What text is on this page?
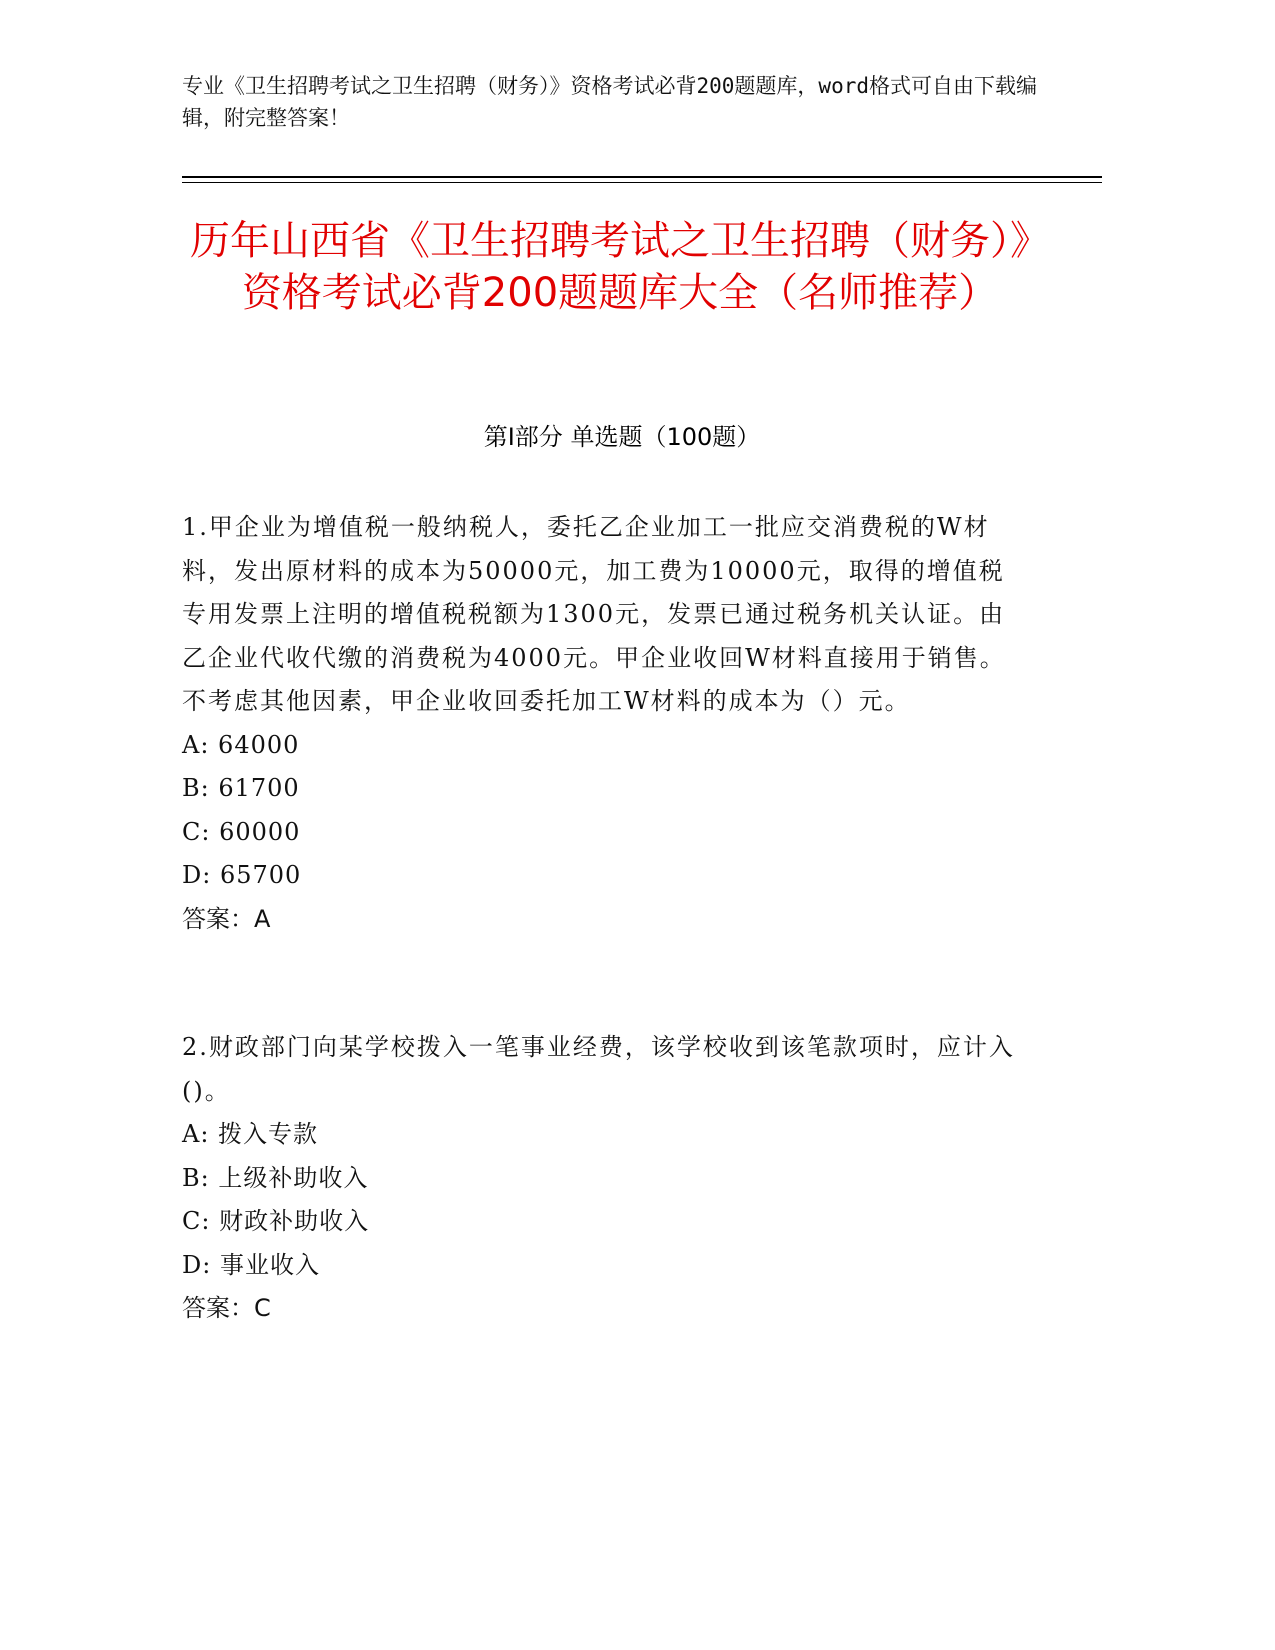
专业《卫生招聘考试之卫生招聘（财务）》资格考试必背200题题库，word格式可自由下载编辑，附完整答案！
历年山西省《卫生招聘考试之卫生招聘（财务）》资格考试必背200题题库大全（名师推荐）
第I部分 单选题（100题）
1.甲企业为增值税一般纳税人，委托乙企业加工一批应交消费税的W材料，发出原材料的成本为50000元，加工费为10000元，取得的增值税专用发票上注明的增值税税额为1300元，发票已通过税务机关认证。由乙企业代收代缴的消费税为4000元。甲企业收回W材料直接用于销售。不考虑其他因素，甲企业收回委托加工W材料的成本为（）元。
A: 64000
B: 61700
C: 60000
D: 65700
答案：A
2.财政部门向某学校拨入一笔事业经费，该学校收到该笔款项时，应计入()。
A: 拨入专款
B: 上级补助收入
C: 财政补助收入
D: 事业收入
答案：C
